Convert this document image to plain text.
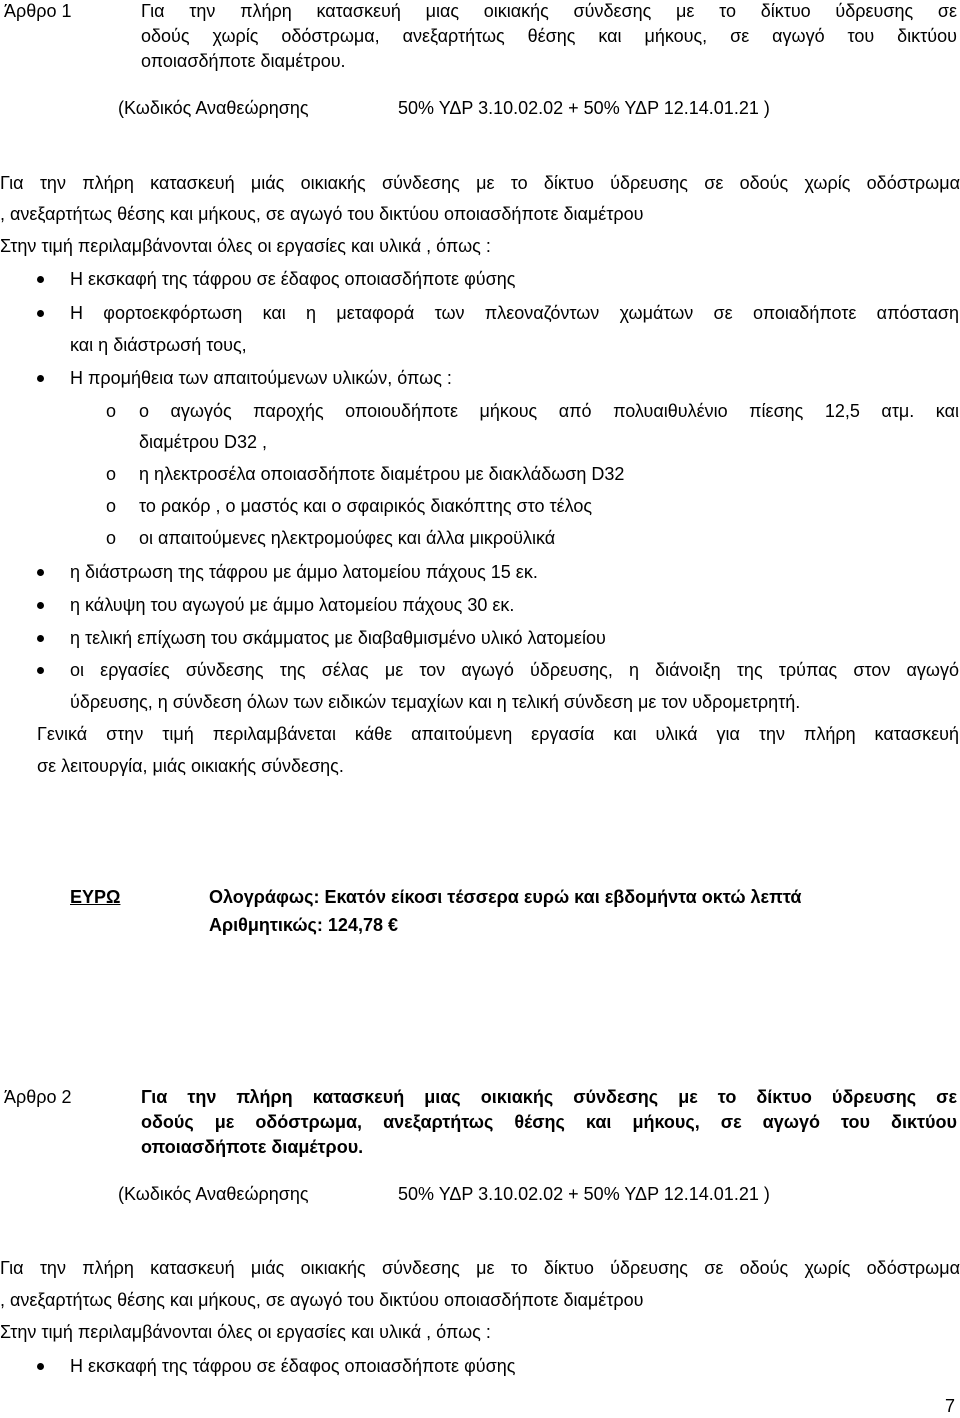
Άρθρο 1	Για την πλήρη κατασκευή μιας οικιακής σύνδεσης με το δίκτυο ύδρευσης σε
οδούς χωρίς οδόστρωμα, ανεξαρτήτως θέσης και μήκους, σε αγωγό του δικτύου
οποιασδήποτε διαμέτρου.
(Κωδικός Αναθεώρησης	50% ΥΔΡ 3.10.02.02 + 50% ΥΔΡ 12.14.01.21 )
Για την πλήρη κατασκευή μιάς οικιακής σύνδεσης με το δίκτυο ύδρευσης σε οδούς χωρίς οδόστρωμα
, ανεξαρτήτως θέσης και μήκους, σε αγωγό του δικτύου οποιασδήποτε διαμέτρου
Στην τιμή περιλαμβάνονται όλες οι εργασίες και υλικά , όπως :
Η εκσκαφή της τάφρου σε έδαφος οποιασδήποτε φύσης
Η φορτοεκφόρτωση και η μεταφορά των πλεοναζόντων χωμάτων σε οποιαδήποτε απόσταση
και η διάστρωσή τους,
Η προμήθεια των απαιτούμενων υλικών, όπως :
o ο αγωγός παροχής οποιουδήποτε μήκους από πολυαιθυλένιο πίεσης 12,5 ατμ. και
διαμέτρου D32 ,
o η ηλεκτροσέλα οποιασδήποτε διαμέτρου με διακλάδωση D32
o το ρακόρ , ο μαστός και ο σφαιρικός διακόπτης στο τέλος
o οι απαιτούμενες ηλεκτρομούφες και άλλα μικροϋλικά
η διάστρωση της τάφρου με άμμο λατομείου πάχους 15 εκ.
η κάλυψη του αγωγού με άμμο λατομείου πάχους 30 εκ.
η τελική επίχωση του σκάμματος με διαβαθμισμένο υλικό λατομείου
οι εργασίες σύνδεσης της σέλας με τον αγωγό ύδρευσης, η διάνοιξη της τρύπας στον αγωγό
ύδρευσης, η σύνδεση όλων των ειδικών τεμαχίων και η τελική σύνδεση με τον υδρομετρητή.
Γενικά στην τιμή περιλαμβάνεται κάθε απαιτούμενη εργασία και υλικά για την πλήρη κατασκευή
σε λειτουργία, μιάς οικιακής σύνδεσης.
ΕΥΡΩ	Ολογράφως: Εκατόν είκοσι τέσσερα ευρώ και εβδομήντα οκτώ λεπτά
Αριθμητικώς: 124,78 €
Άρθρο 2	Για την πλήρη κατασκευή μιας οικιακής σύνδεσης με το δίκτυο ύδρευσης σε
οδούς με οδόστρωμα, ανεξαρτήτως θέσης και μήκους, σε αγωγό του δικτύου
οποιασδήποτε διαμέτρου.
(Κωδικός Αναθεώρησης	50% ΥΔΡ 3.10.02.02 + 50% ΥΔΡ 12.14.01.21 )
Για την πλήρη κατασκευή μιάς οικιακής σύνδεσης με το δίκτυο ύδρευσης σε οδούς χωρίς οδόστρωμα
, ανεξαρτήτως θέσης και μήκους, σε αγωγό του δικτύου οποιασδήποτε διαμέτρου
Στην τιμή περιλαμβάνονται όλες οι εργασίες και υλικά , όπως :
Η εκσκαφή της τάφρου σε έδαφος οποιασδήποτε φύσης
7
